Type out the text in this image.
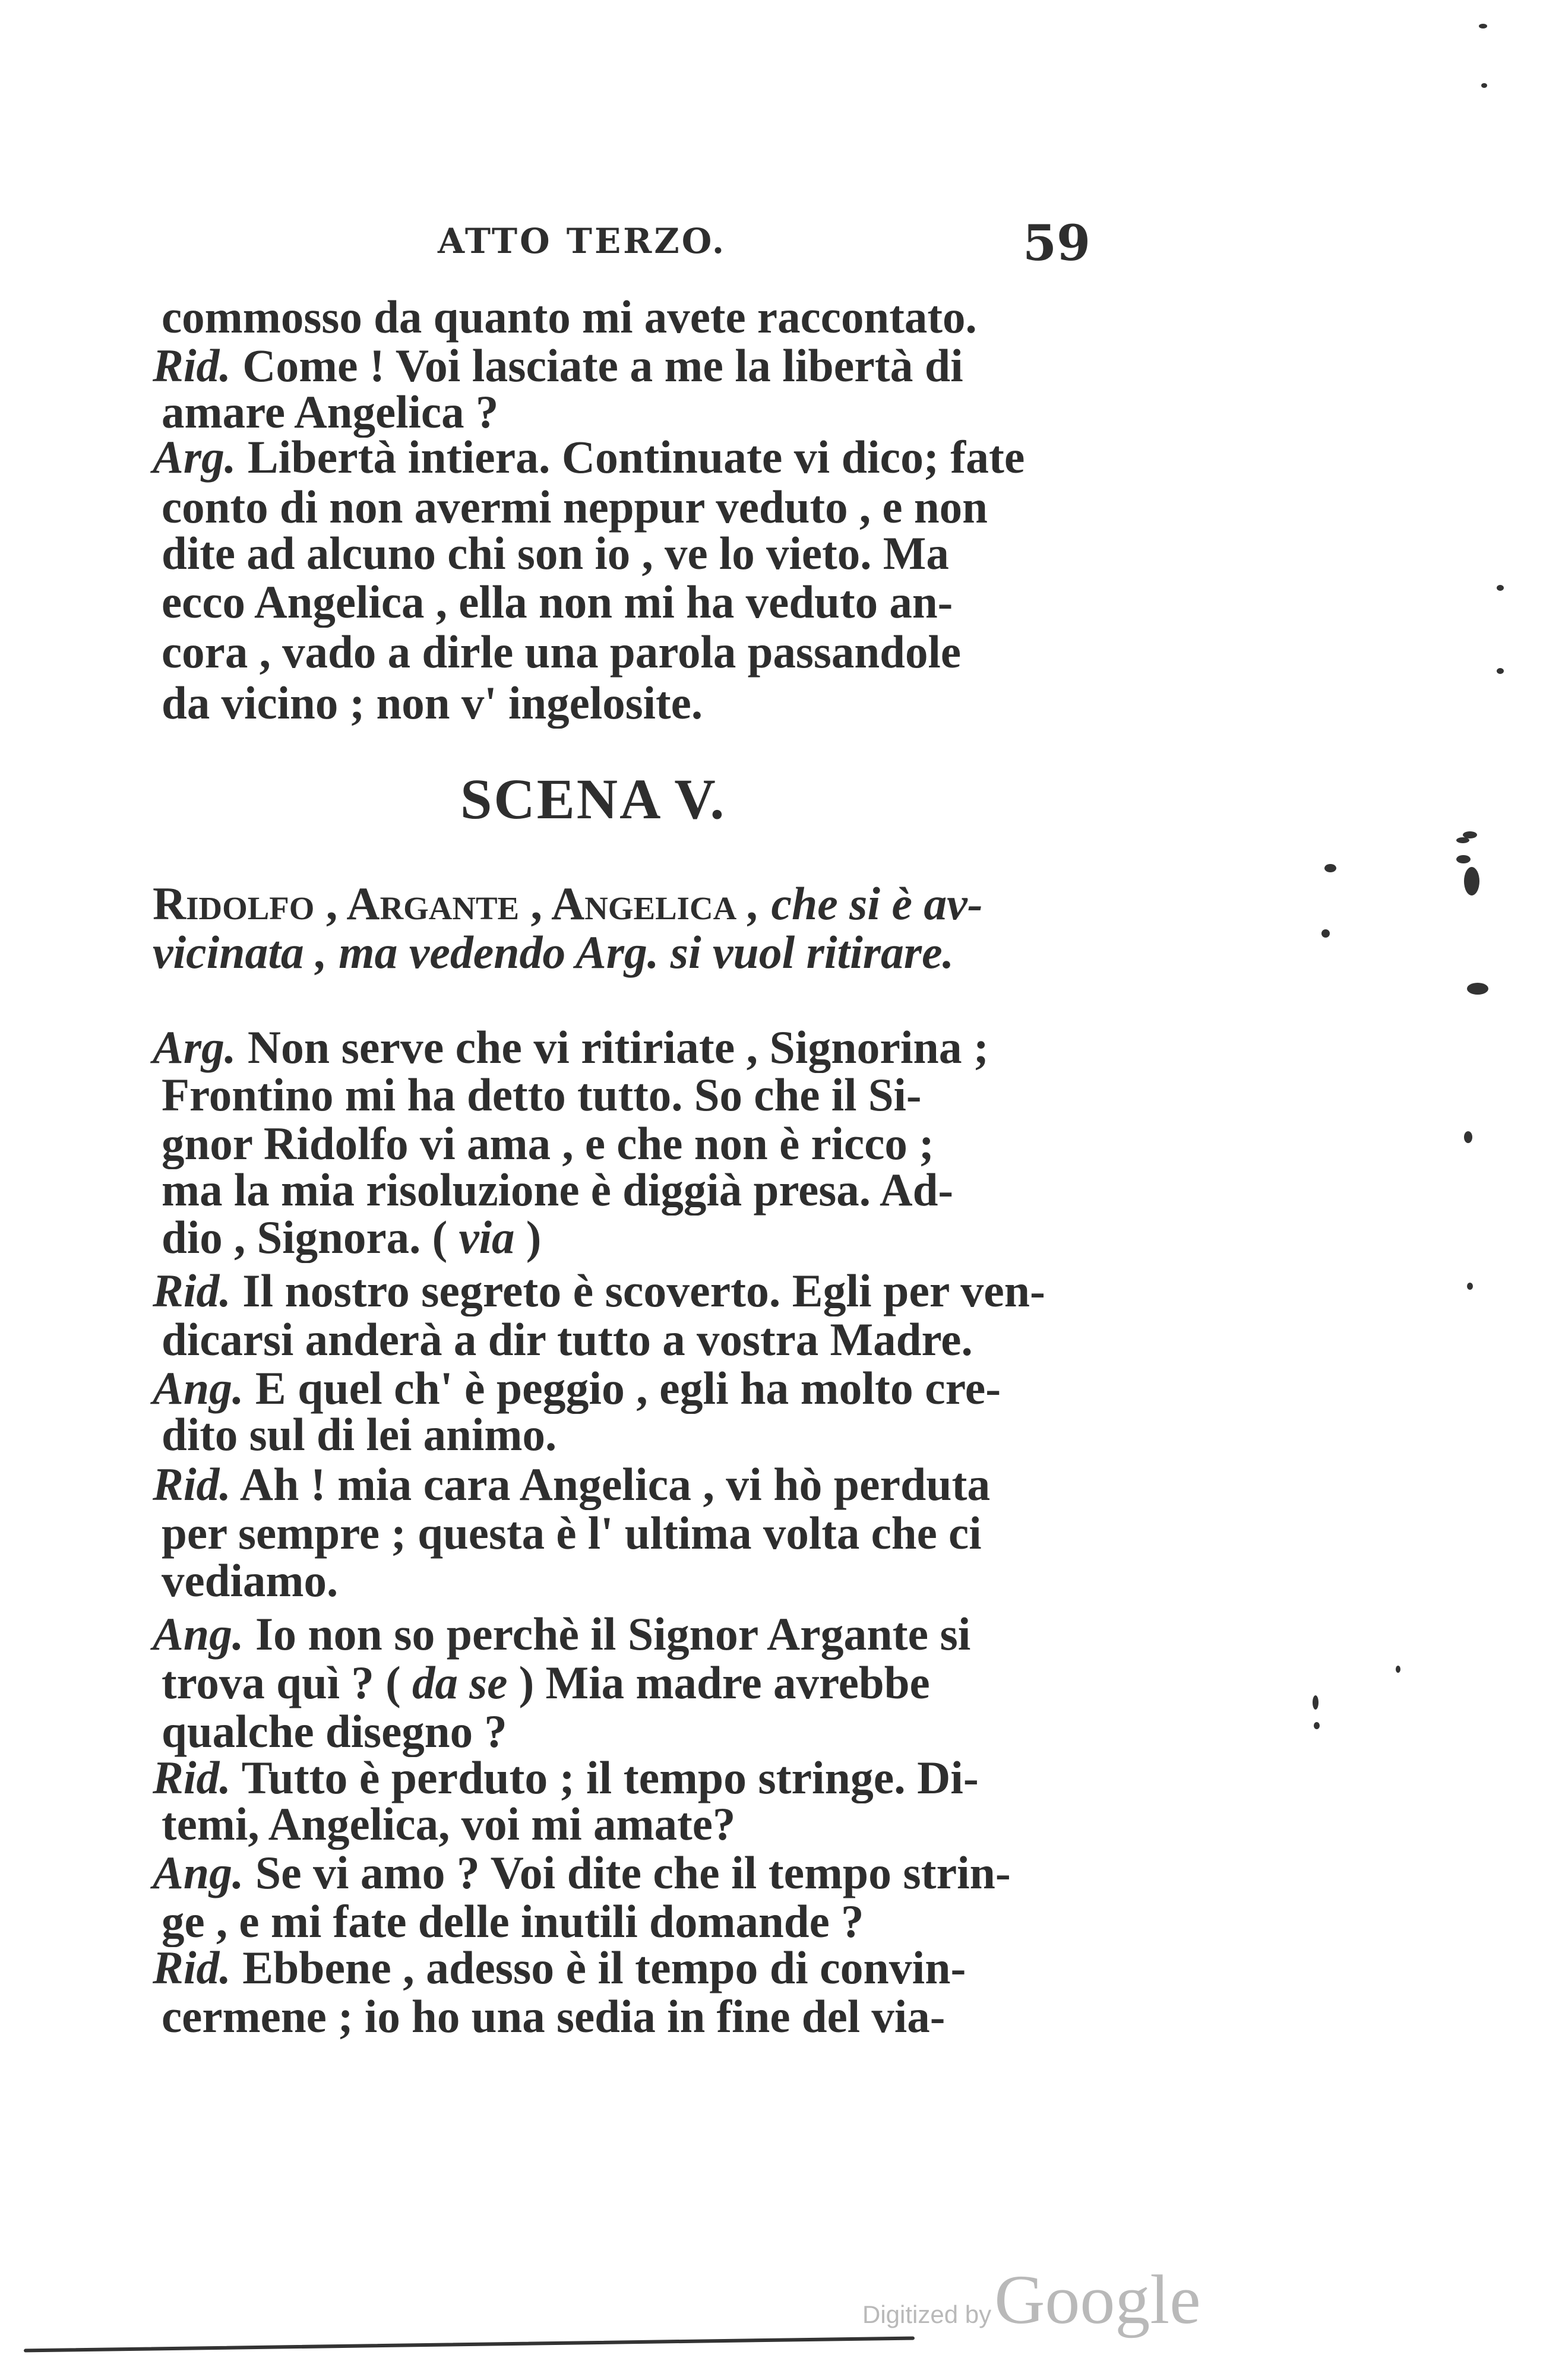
ATTO TERZO.	59
commosso da quanto mi avete raccontato.
Rid. Come ! Voi lasciate a me la libertà di
amare Angelica ?
Arg. Libertà intiera. Continuate vi dico; fate
conto di non avermi neppur veduto , e non
dite ad alcuno chi son io , ve lo vieto. Ma
ecco Angelica , ella non mi ha veduto an-
cora , vado a dirle una parola passandole
da vicino ; non v' ingelosite.
SCENA V.
Ridolfo , Argante , Angelica , che si è av-
vicinata , ma vedendo Arg. si vuol ritirare.
Arg. Non serve che vi ritiriate , Signorina ;
Frontino mi ha detto tutto. So che il Si-
gnor Ridolfo vi ama , e che non è ricco ;
ma la mia risoluzione è diggià presa. Ad-
dio , Signora. ( via )
Rid. Il nostro segreto è scoverto. Egli per ven-
dicarsi anderà a dir tutto a vostra Madre.
Ang. E quel ch' è peggio , egli ha molto cre-
dito sul di lei animo.
Rid. Ah ! mia cara Angelica , vi hò perduta
per sempre ; questa è l' ultima volta che ci
vediamo.
Ang. Io non so perchè il Signor Argante si
trova quì ? ( da se ) Mia madre avrebbe
qualche disegno ?
Rid. Tutto è perduto ; il tempo stringe. Di-
temi, Angelica, voi mi amate?
Ang. Se vi amo ? Voi dite che il tempo strin-
ge , e mi fate delle inutili domande ?
Rid. Ebbene , adesso è il tempo di convin-
cermene ; io ho una sedia in fine del via-
Digitized by Google
